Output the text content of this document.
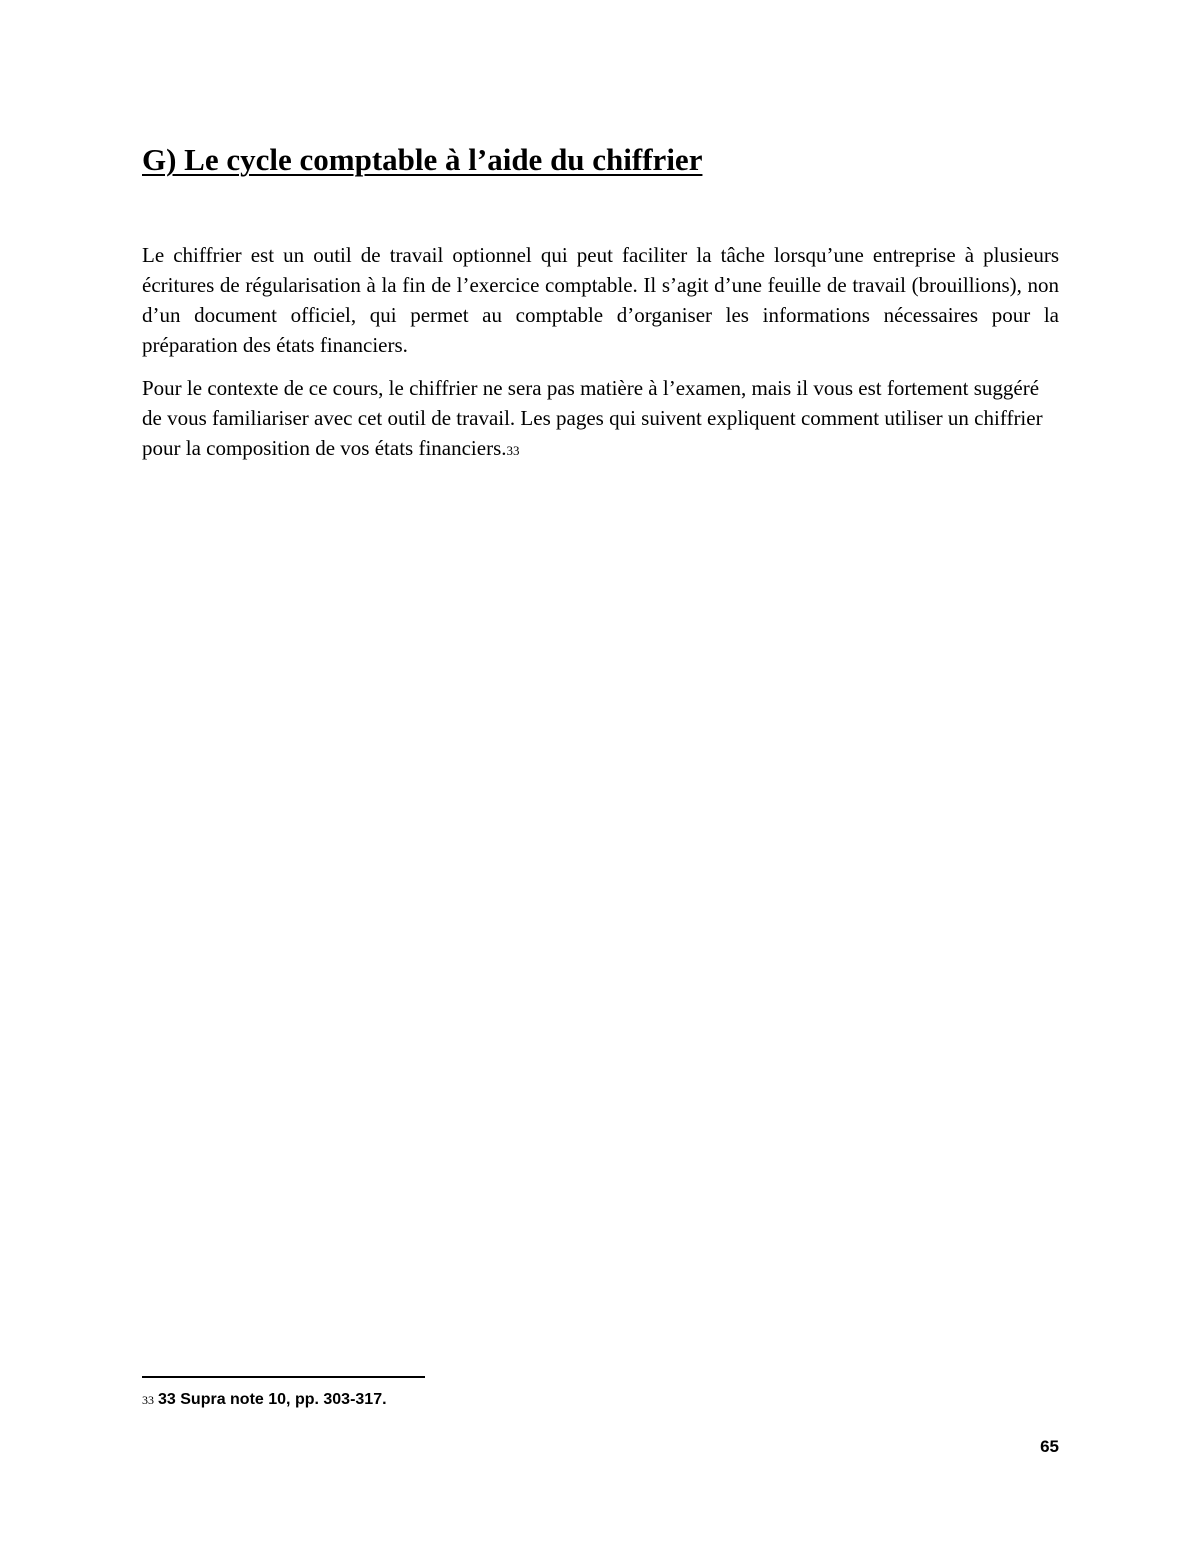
G) Le cycle comptable à l’aide du chiffrier

Le chiffrier est un outil de travail optionnel qui peut faciliter la tâche lorsqu’une entreprise à plusieurs écritures de régularisation à la fin de l’exercice comptable. Il s’agit d’une feuille de travail (brouillions), non d’un document officiel, qui permet au comptable d’organiser les informations nécessaires pour la préparation des états financiers.

Pour le contexte de ce cours, le chiffrier ne sera pas matière à l’examen, mais il vous est fortement suggéré de vous familiariser avec cet outil de travail. Les pages qui suivent expliquent comment utiliser un chiffrier pour la composition de vos états financiers.33

33 33 Supra note 10, pp. 303-317.

65
